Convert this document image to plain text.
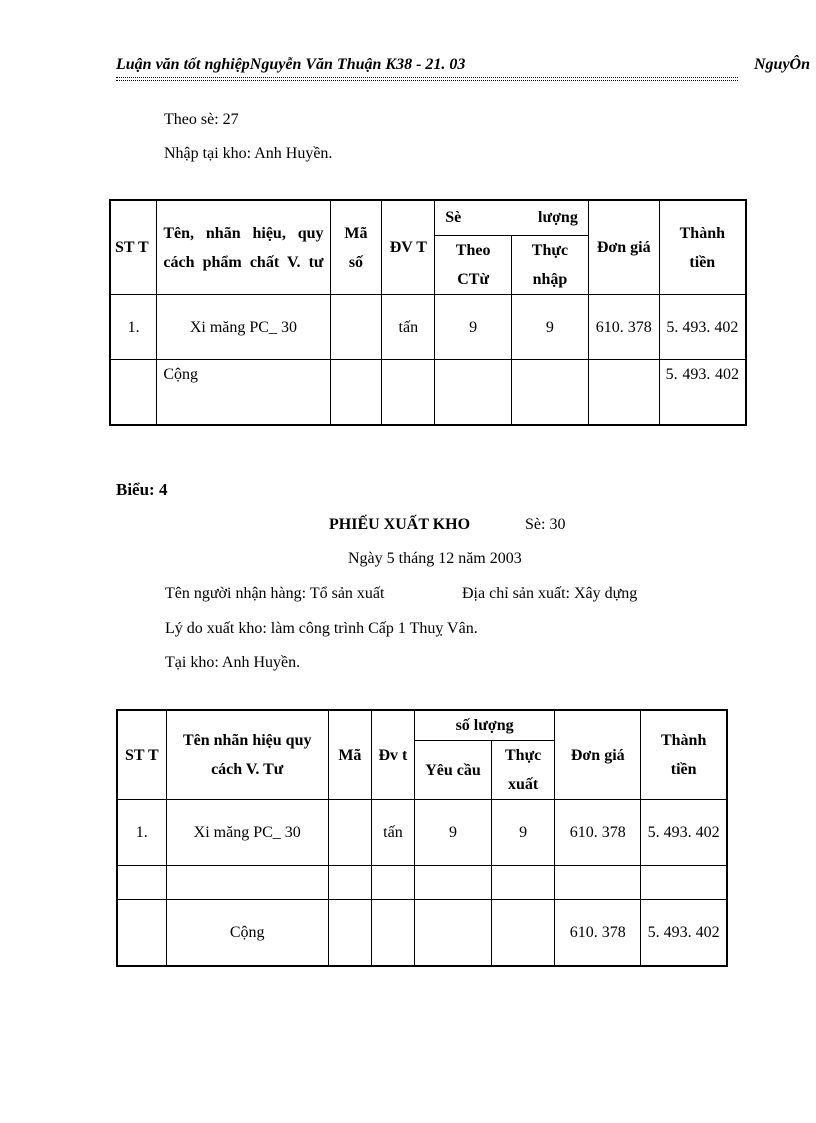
Luận văn tốt nghiệpNguyễn Văn Thuận K38 - 21. 03	NguyÔn
Theo sè: 27
Nhập tại kho: Anh Huyền.
ST T	Tên, nhãn hiệu, quy cách phẩm chất V. tư	Mã số	ĐV T	Sè lượng		Đơn giá	Thành tiền
				Theo CTừ	Thực nhập		
1.	Xi măng PC_ 30		tấn	9	9	610. 378	5. 493. 402
	Cộng						5. 493. 402
Biểu: 4
PHIẾU XUẤT KHO	Sè: 30
Ngày 5 tháng 12 năm 2003
Tên người nhận hàng: Tổ sản xuất	Địa chỉ sản xuất: Xây dựng
Lý do xuất kho: làm công trình Cấp 1 Thuỵ Vân.
Tại kho: Anh Huyền.
ST T	Tên nhãn hiệu quy cách V. Tư	Mã	Đv t	số lượng		Đơn giá	Thành tiền
				Yêu cầu	Thực xuất		
1.	Xi măng PC_ 30		tấn	9	9	610. 378	5. 493. 402

	Cộng					610. 378	5. 493. 402
